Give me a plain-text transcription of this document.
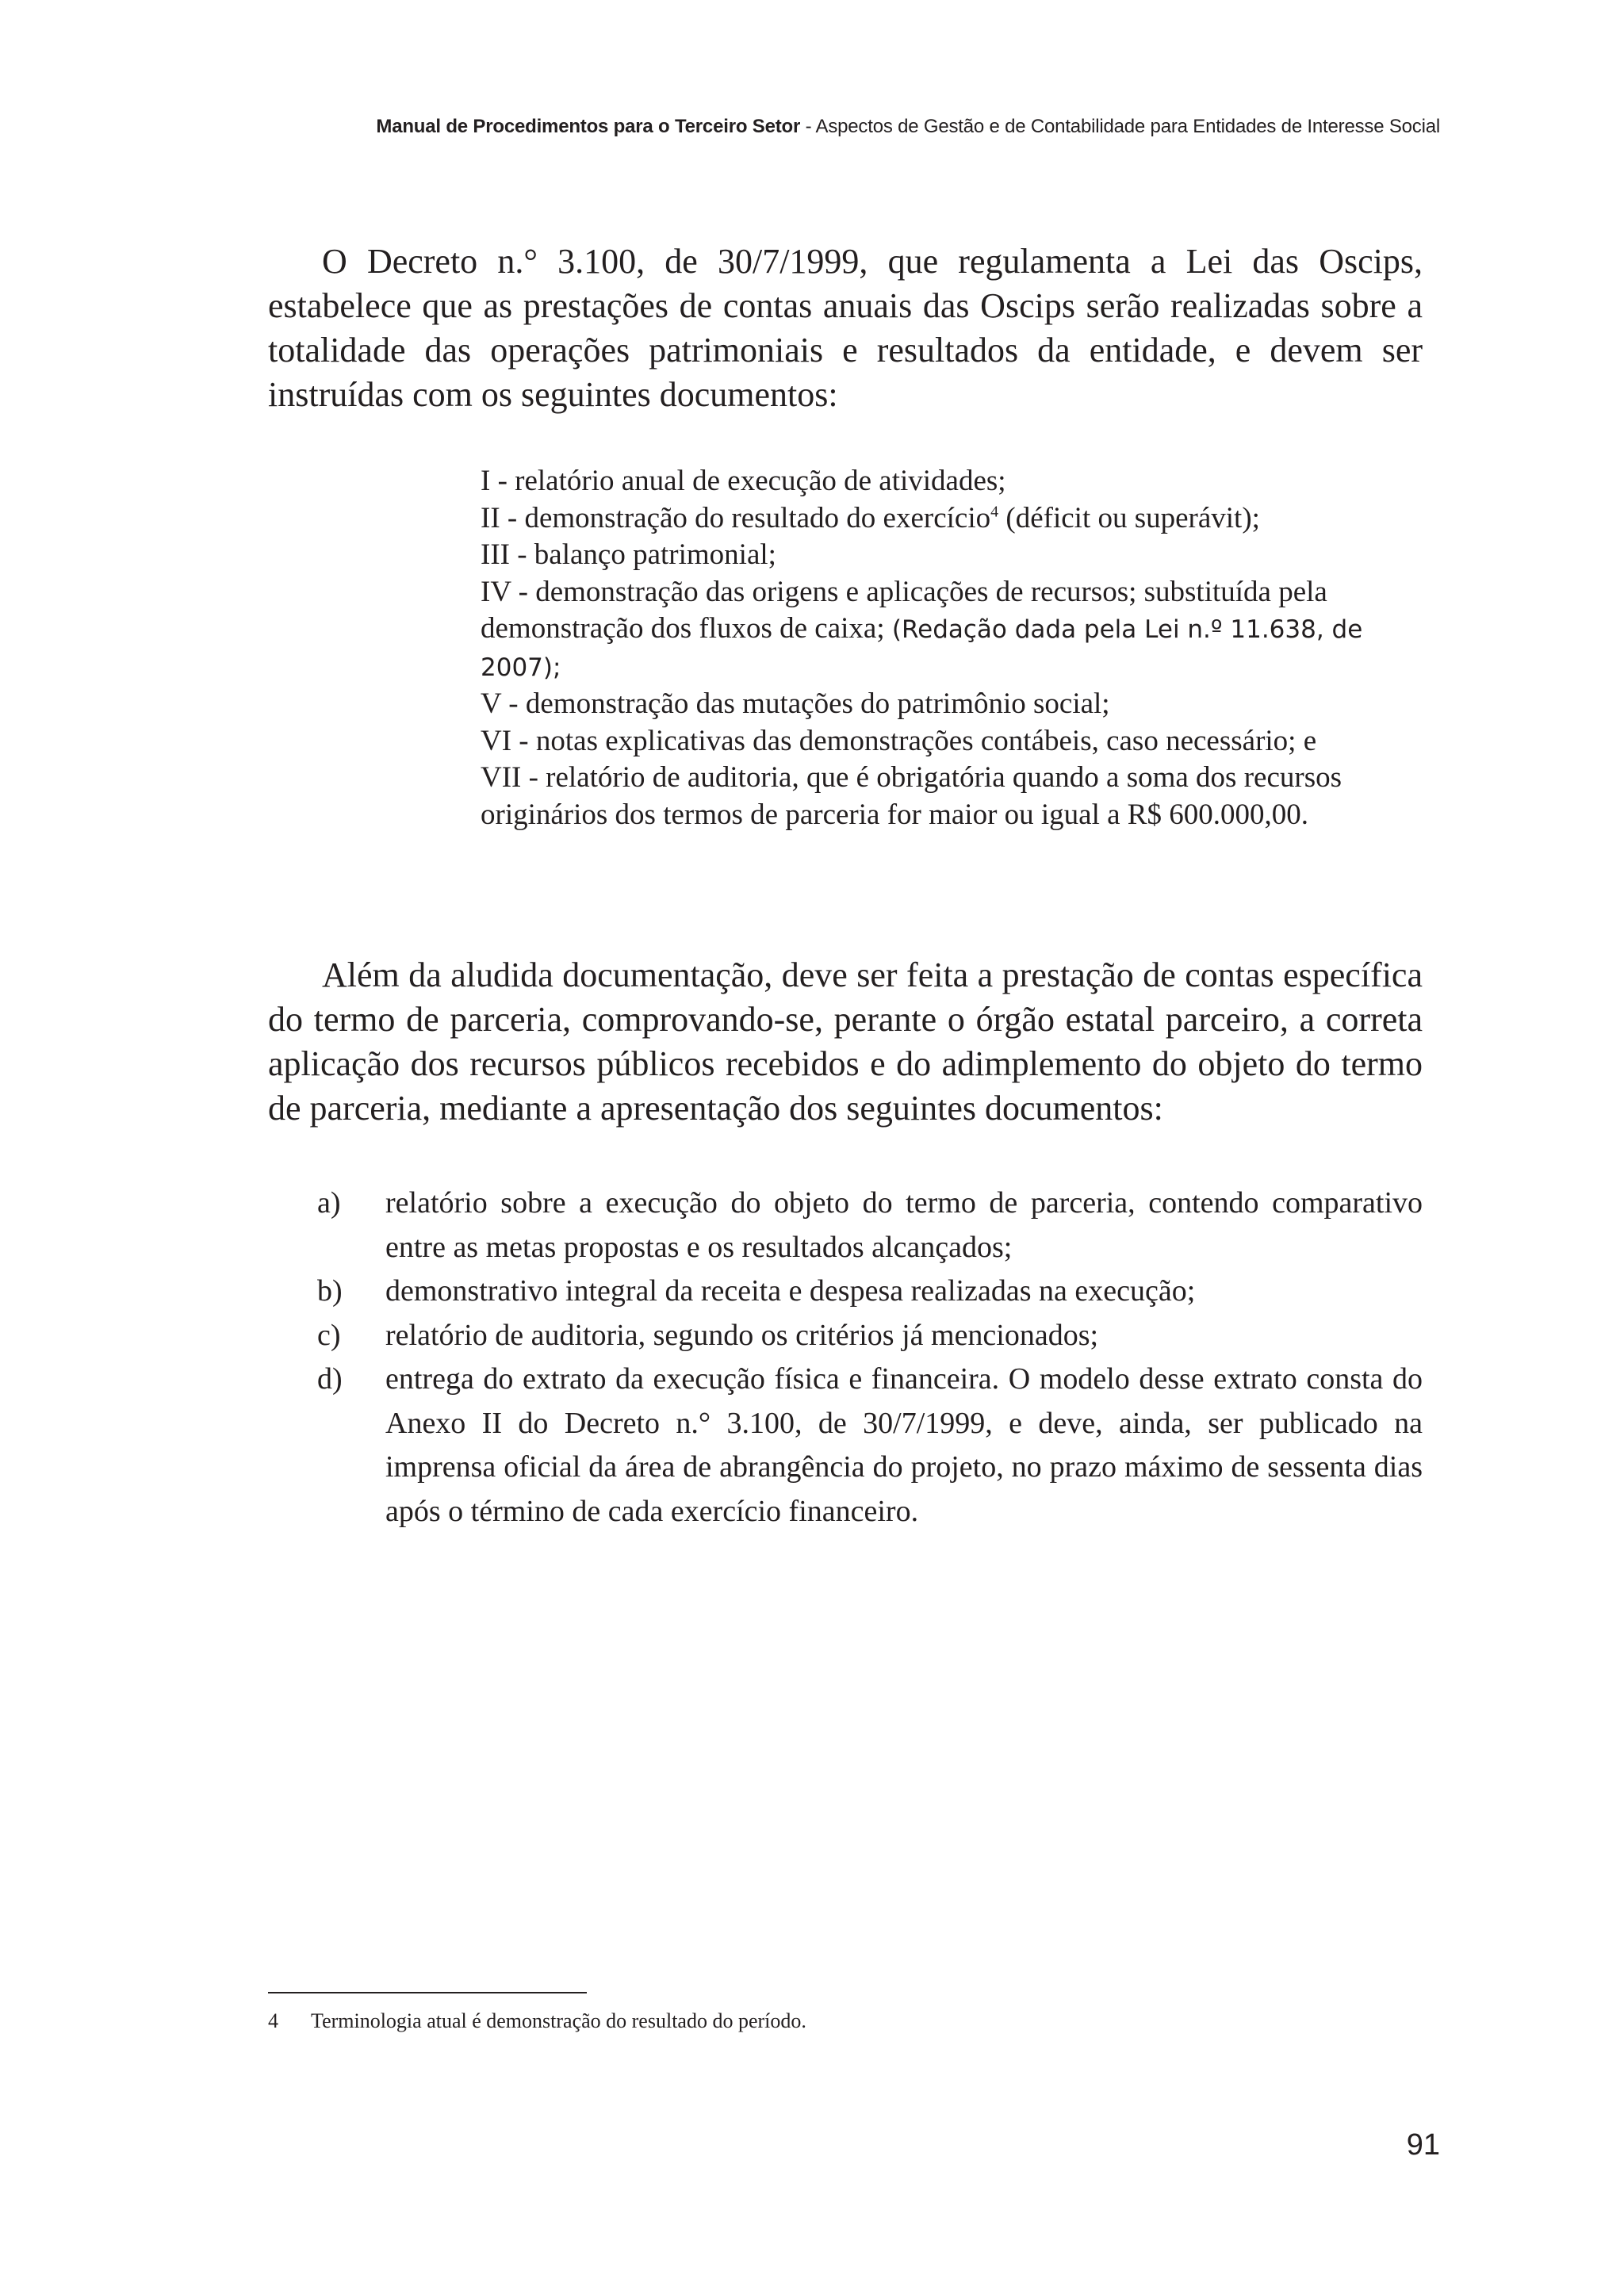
Manual de Procedimentos para o Terceiro Setor - Aspectos de Gestão e de Contabilidade para Entidades de Interesse Social

O Decreto n.° 3.100, de 30/7/1999, que regulamenta a Lei das Oscips, estabelece que as prestações de contas anuais das Oscips serão realizadas sobre a totalidade das operações patrimoniais e resultados da entidade, e devem ser instruídas com os seguintes documentos:

I - relatório anual de execução de atividades;
II - demonstração do resultado do exercício$^4$ (déficit ou superávit);
III - balanço patrimonial;
IV - demonstração das origens e aplicações de recursos; substituída pela demonstração dos fluxos de caixa; (Redação dada pela Lei n.º 11.638, de 2007);
V - demonstração das mutações do patrimônio social;
VI - notas explicativas das demonstrações contábeis, caso necessário; e
VII - relatório de auditoria, que é obrigatória quando a soma dos recursos originários dos termos de parceria for maior ou igual a R$ 600.000,00.

Além da aludida documentação, deve ser feita a prestação de contas específica do termo de parceria, comprovando-se, perante o órgão estatal parceiro, a correta aplicação dos recursos públicos recebidos e do adimplemento do objeto do termo de parceria, mediante a apresentação dos seguintes documentos:

a) relatório sobre a execução do objeto do termo de parceria, contendo comparativo entre as metas propostas e os resultados alcançados;
b) demonstrativo integral da receita e despesa realizadas na execução;
c) relatório de auditoria, segundo os critérios já mencionados;
d) entrega do extrato da execução física e financeira. O modelo desse extrato consta do Anexo II do Decreto n.° 3.100, de 30/7/1999, e deve, ainda, ser publicado na imprensa oficial da área de abrangência do projeto, no prazo máximo de sessenta dias após o término de cada exercício financeiro.
4 Terminologia atual é demonstração do resultado do período.
91
